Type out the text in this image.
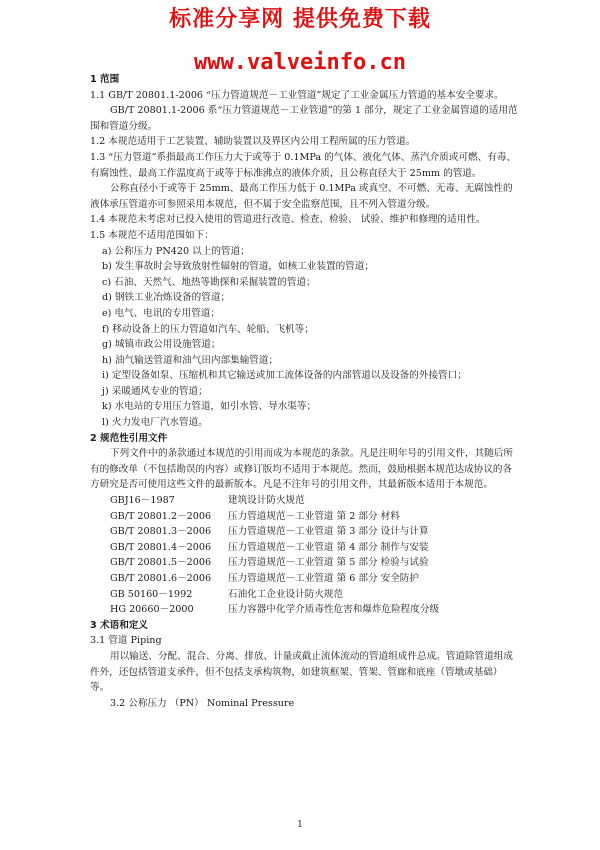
标准分享网 提供免费下载
www.valveinfo.cn

1 范围

1.1 GB/T 20801.1-2006 “压力管道规范－工业管道”规定了工业金属压力管道的基本安全要求。

GB/T 20801.1-2006 系“压力管道规范－工业管道”的第 1 部分，规定了工业金属管道的适用范围和管道分级。

1.2 本规范适用于工艺装置、辅助装置以及界区内公用工程所属的压力管道。

1.3 “压力管道”系指最高工作压力大于或等于 0.1MPa 的气体、液化气体、蒸汽介质或可燃、有毒、有腐蚀性、最高工作温度高于或等于标准沸点的液体介质，且公称直径大于 25mm 的管道。

公称直径小于或等于 25mm、最高工作压力低于 0.1MPa 或真空、不可燃、无毒、无腐蚀性的液体承压管道亦可参照采用本规范，但不属于安全监察范围，且不列入管道分级。

1.4 本规范未考虑对已投入使用的管道进行改造、检查、检验、 试验、维护和修理的适用性。

1.5 本规范不适用范围如下：

a) 公称压力 PN420 以上的管道；

b) 发生事故时会导致放射性辐射的管道，如核工业装置的管道；

c) 石油、天然气、地热等勘探和采掘装置的管道；

d) 钢铁工业冶炼设备的管道；

e) 电气、电讯的专用管道；

f) 移动设备上的压力管道如汽车、轮船、飞机等；

g) 城镇市政公用设施管道；

h) 油气输送管道和油气田内部集输管道；

i) 定型设备如泵、压缩机和其它输送或加工流体设备的内部管道以及设备的外接管口；

j) 采暖通风专业的管道；

k) 水电站的专用压力管道，如引水管、导水渠等；

l) 火力发电厂汽水管道。

2 规范性引用文件

下列文件中的条款通过本规范的引用而成为本规范的条款。凡是注明年号的引用文件，其随后所有的修改单（不包括勘误的内容）或修订版均不适用于本规范。然而，鼓励根据本规范达成协议的各方研究是否可使用这些文件的最新版本。凡是不注年号的引用文件，其最新版本适用于本规范。

GBJ16－1987	建筑设计防火规范
GB/T 20801.2－2006	压力管道规范－工业管道 第 2 部分 材料
GB/T 20801.3－2006	压力管道规范－工业管道 第 3 部分 设计与计算
GB/T 20801.4－2006	压力管道规范－工业管道 第 4 部分 制作与安装
GB/T 20801.5－2006	压力管道规范－工业管道 第 5 部分 检验与试验
GB/T 20801.6－2006	压力管道规范－工业管道 第 6 部分 安全防护
GB 50160－1992	石油化工企业设计防火规范
HG 20660－2000	压力容器中化学介质毒性危害和爆炸危险程度分级

3 术语和定义

3.1 管道 Piping

用以输送、分配、混合、分离、排放、计量或截止流体流动的管道组成件总成。管道除管道组成件外，还包括管道支承件，但不包括支承构筑物，如建筑框架、管架、管廊和底座（管墩或基础）等。

3.2 公称压力 （PN） Nominal Pressure

1
